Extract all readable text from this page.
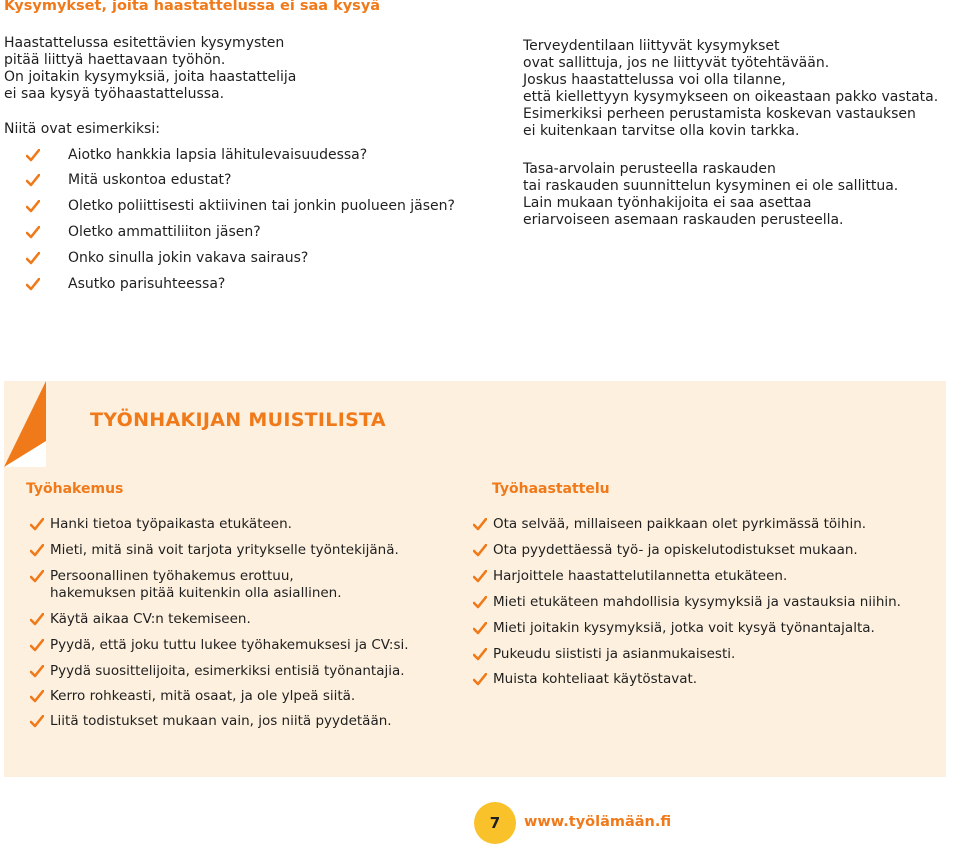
Kysymykset, joita haastattelussa ei saa kysyä
Haastattelussa esitettävien kysymysten
pitää liittyä haettavaan työhön.
On joitakin kysymyksiä, joita haastattelija
ei saa kysyä työhaastattelussa.
Niitä ovat esimerkiksi:
Aiotko hankkia lapsia lähitulevaisuudessa?
Mitä uskontoa edustat?
Oletko poliittisesti aktiivinen tai jonkin puolueen jäsen?
Oletko ammattiliiton jäsen?
Onko sinulla jokin vakava sairaus?
Asutko parisuhteessa?
Terveydentilaan liittyvät kysymykset
ovat sallittuja, jos ne liittyvät työtehtävään.
Joskus haastattelussa voi olla tilanne,
että kiellettyyn kysymykseen on oikeastaan pakko vastata.
Esimerkiksi perheen perustamista koskevan vastauksen
ei kuitenkaan tarvitse olla kovin tarkka.
Tasa-arvolain perusteella raskauden
tai raskauden suunnittelun kysyminen ei ole sallittua.
Lain mukaan työnhakijoita ei saa asettaa
eriarvoiseen asemaan raskauden perusteella.
TYÖNHAKIJAN MUISTILISTA
Työhakemus	Työhaastattelu
Hanki tietoa työpaikasta etukäteen.
Mieti, mitä sinä voit tarjota yritykselle työntekijänä.
Persoonallinen työhakemus erottuu,
hakemuksen pitää kuitenkin olla asiallinen.
Käytä aikaa CV:n tekemiseen.
Pyydä, että joku tuttu lukee työhakemuksesi ja CV:si.
Pyydä suosittelijoita, esimerkiksi entisiä työnantajia.
Kerro rohkeasti, mitä osaat, ja ole ylpeä siitä.
Liitä todistukset mukaan vain, jos niitä pyydetään.
Ota selvää, millaiseen paikkaan olet pyrkimässä töihin.
Ota pyydettäessä työ- ja opiskelutodistukset mukaan.
Harjoittele haastattelutilannetta etukäteen.
Mieti etukäteen mahdollisia kysymyksiä ja vastauksia niihin.
Mieti joitakin kysymyksiä, jotka voit kysyä työnantajalta.
Pukeudu siististi ja asianmukaisesti.
Muista kohteliaat käytöstavat.
7	www.työlämään.fi
